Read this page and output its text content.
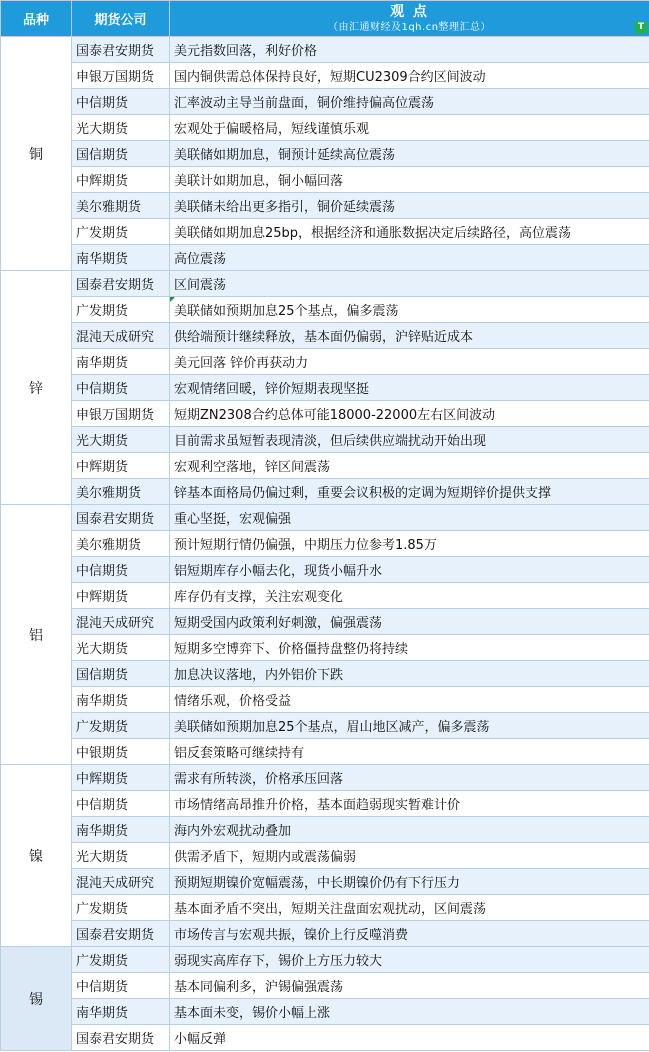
品种	期货公司	观 点
（由汇通财经及1qh.cn整理汇总） T

铜	国泰君安期货	美元指数回落，利好价格
	申银万国期货	国内铜供需总体保持良好，短期CU2309合约区间波动
	中信期货	汇率波动主导当前盘面，铜价维持偏高位震荡
	光大期货	宏观处于偏暖格局，短线谨慎乐观
	国信期货	美联储如期加息，铜预计延续高位震荡
	中辉期货	美联计如期加息，铜小幅回落
	美尔雅期货	美联储未给出更多指引，铜价延续震荡
	广发期货	美联储如期加息25bp，根据经济和通胀数据决定后续路径，高位震荡
	南华期货	高位震荡
锌	国泰君安期货	区间震荡
	广发期货	美联储如预期加息25个基点，偏多震荡

	混沌天成研究	供给端预计继续释放，基本面仍偏弱，沪锌贴近成本
	南华期货	美元回落 锌价再获动力
	中信期货	宏观情绪回暖，锌价短期表现坚挺
	申银万国期货	短期ZN2308合约总体可能18000-22000左右区间波动
	光大期货	目前需求虽短暂表现清淡，但后续供应端扰动开始出现
	中辉期货	宏观利空落地，锌区间震荡
	美尔雅期货	锌基本面格局仍偏过剩，重要会议积极的定调为短期锌价提供支撑
铝	国泰君安期货	重心坚挺，宏观偏强
	美尔雅期货	预计短期行情仍偏强，中期压力位参考1.85万
	中信期货	铝短期库存小幅去化，现货小幅升水
	中辉期货	库存仍有支撑，关注宏观变化
	混沌天成研究	短期受国内政策利好刺激，偏强震荡
	光大期货	短期多空博弈下、价格僵持盘整仍将持续
	国信期货	加息决议落地，内外铝价下跌
	南华期货	情绪乐观，价格受益
	广发期货	美联储如预期加息25个基点，眉山地区减产，偏多震荡
	中银期货	铝反套策略可继续持有
镍	中辉期货	需求有所转淡，价格承压回落
	中信期货	市场情绪高昂推升价格，基本面趋弱现实暂难计价
	南华期货	海内外宏观扰动叠加
	光大期货	供需矛盾下，短期内或震荡偏弱
	混沌天成研究	预期短期镍价宽幅震荡，中长期镍价仍有下行压力
	广发期货	基本面矛盾不突出，短期关注盘面宏观扰动，区间震荡
	国泰君安期货	市场传言与宏观共振，镍价上行反噬消费
锡	广发期货	弱现实高库存下，锡价上方压力较大
	中信期货	基本同偏利多，沪锡偏强震荡
	南华期货	基本面未变，锡价小幅上涨
	国泰君安期货	小幅反弹
